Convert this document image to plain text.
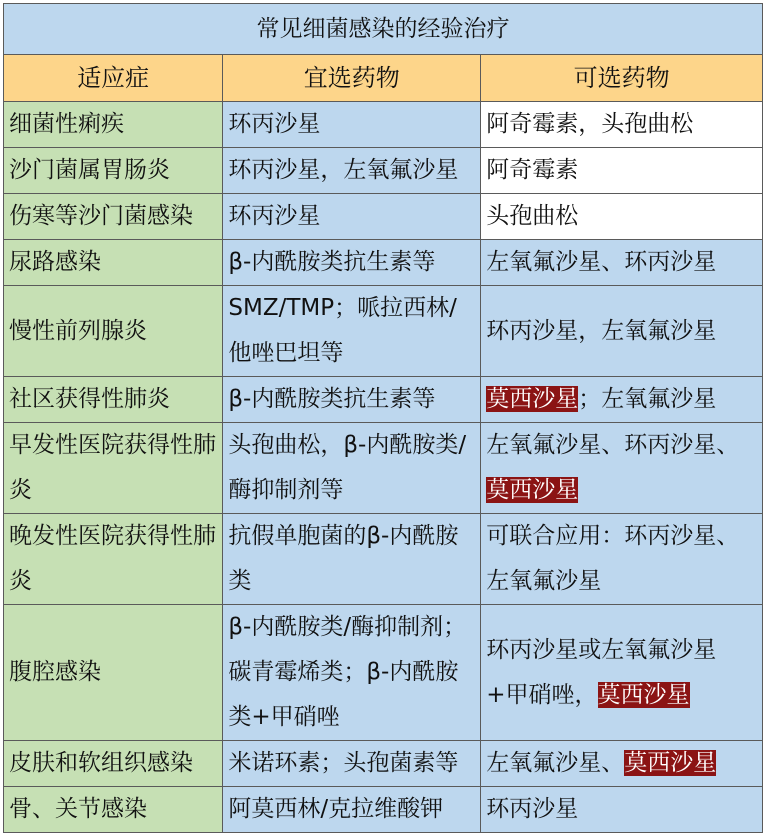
常见细菌感染的经验治疗		
适应症	宜选药物	可选药物
细菌性痢疾	环丙沙星	阿奇霉素，头孢曲松
沙门菌属胃肠炎	环丙沙星，左氧氟沙星	阿奇霉素
伤寒等沙门菌感染	环丙沙星	头孢曲松
尿路感染	β-内酰胺类抗生素等	左氧氟沙星、环丙沙星
慢性前列腺炎	SMZ/TMP；哌拉西林/他唑巴坦等	环丙沙星，左氧氟沙星
社区获得性肺炎	β-内酰胺类抗生素等	莫西沙星；左氧氟沙星
早发性医院获得性肺炎	头孢曲松，β-内酰胺类/酶抑制剂等	左氧氟沙星、环丙沙星、莫西沙星
晚发性医院获得性肺炎	抗假单胞菌的β-内酰胺类	可联合应用：环丙沙星、左氧氟沙星
腹腔感染	β-内酰胺类/酶抑制剂；碳青霉烯类；β-内酰胺类+甲硝唑	环丙沙星或左氧氟沙星+甲硝唑，莫西沙星
皮肤和软组织感染	米诺环素；头孢菌素等	左氧氟沙星、莫西沙星
骨、关节感染	阿莫西林/克拉维酸钾	环丙沙星
